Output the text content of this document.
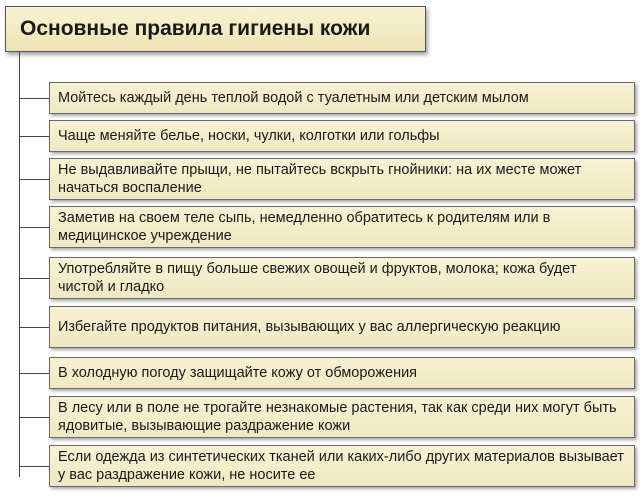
Основные правила гигиены кожи

Мойтесь каждый день теплой водой с туалетным или детским мылом

Чаще меняйте белье, носки, чулки, колготки или гольфы

Не выдавливайте прыщи, не пытайтесь вскрыть гнойники: на их месте может начаться воспаление

Заметив на своем теле сыпь, немедленно обратитесь к родителям или в медицинское учреждение

Употребляйте в пищу больше свежих овощей и фруктов, молока; кожа будет чистой и гладко

Избегайте продуктов питания, вызывающих у вас аллергическую реакцию

В холодную погоду защищайте кожу от обморожения

В лесу или в поле не трогайте незнакомые растения, так как среди них могут быть ядовитые, вызывающие раздражение кожи

Если одежда из синтетических тканей или каких-либо других материалов вызывает у вас раздражение кожи, не носите ее
